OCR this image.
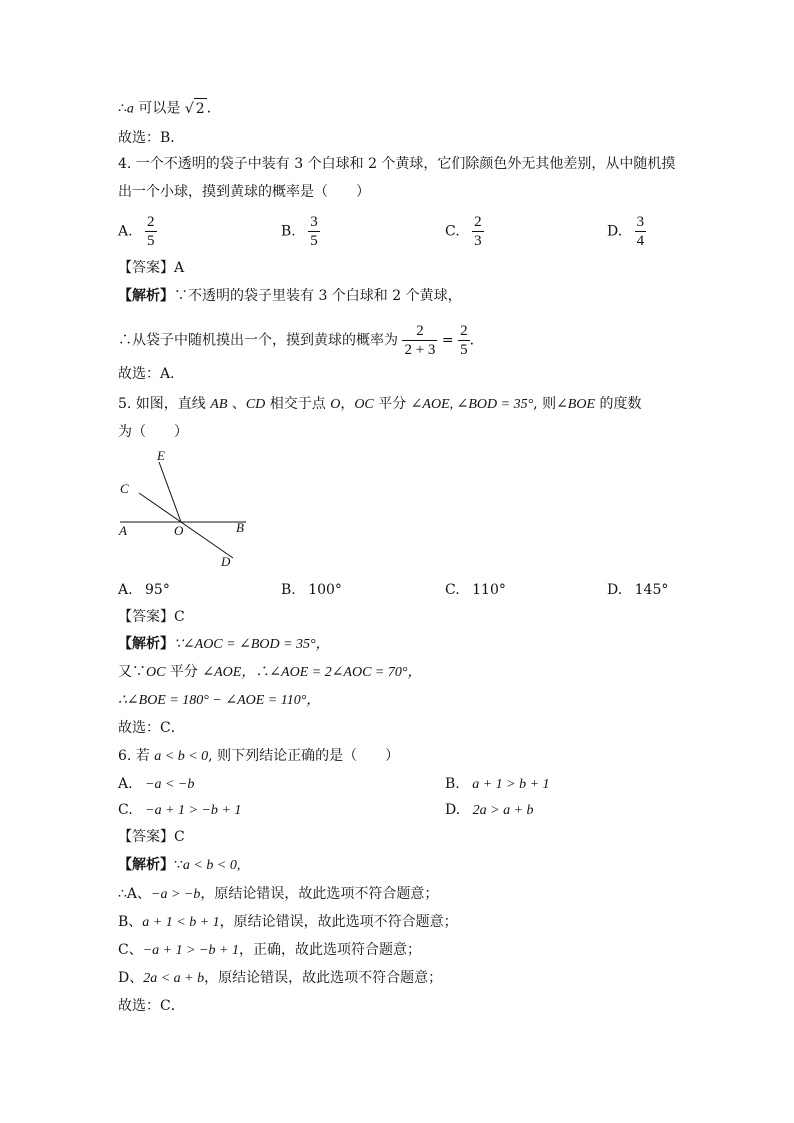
∴a 可以是 √ 2 .
故选：B．
4. 一个不透明的袋子中装有 3 个白球和 2 个黄球，它们除颜色外无其他差别，从中随机摸
出一个小球，摸到黄球的概率是（　　）
A. $\frac{2}{5}$	B. $\frac{3}{5}$	C. $\frac{2}{3}$	D. $\frac{3}{4}$
【答案】A
【解析】∵不透明的袋子里装有 3 个白球和 2 个黄球，
∴从袋子中随机摸出一个，摸到黄球的概率为 $\frac{2}{2 + 3} = \frac{2}{5}$ ．
故选：A．
5. 如图，直线 AB 、CD 相交于点 O，OC 平分 ∠AOE, ∠BOD = 35°, 则∠BOE 的度数
为（　　）
E
C
A	O	B
D
A. 95°	B. 100°	C. 110°	D. 145°
【答案】C
【解析】∵∠AOC = ∠BOD = 35°，
又∵OC 平分 ∠AOE，∴∠AOE = 2∠AOC = 70°，
∴∠BOE = 180° − ∠AOE = 110°，
故选：C．
6. 若 a < b < 0, 则下列结论正确的是（　　）
A. −a < −b	B. a + 1 > b + 1
C. −a + 1 > −b + 1	D. 2a > a + b
【答案】C
【解析】∵a < b < 0,
∴A、−a > −b，原结论错误，故此选项不符合题意；
B、a + 1 < b + 1，原结论错误，故此选项不符合题意；
C、−a + 1 > −b + 1，正确，故此选项符合题意；
D、2a < a + b，原结论错误，故此选项不符合题意；
故选：C．
